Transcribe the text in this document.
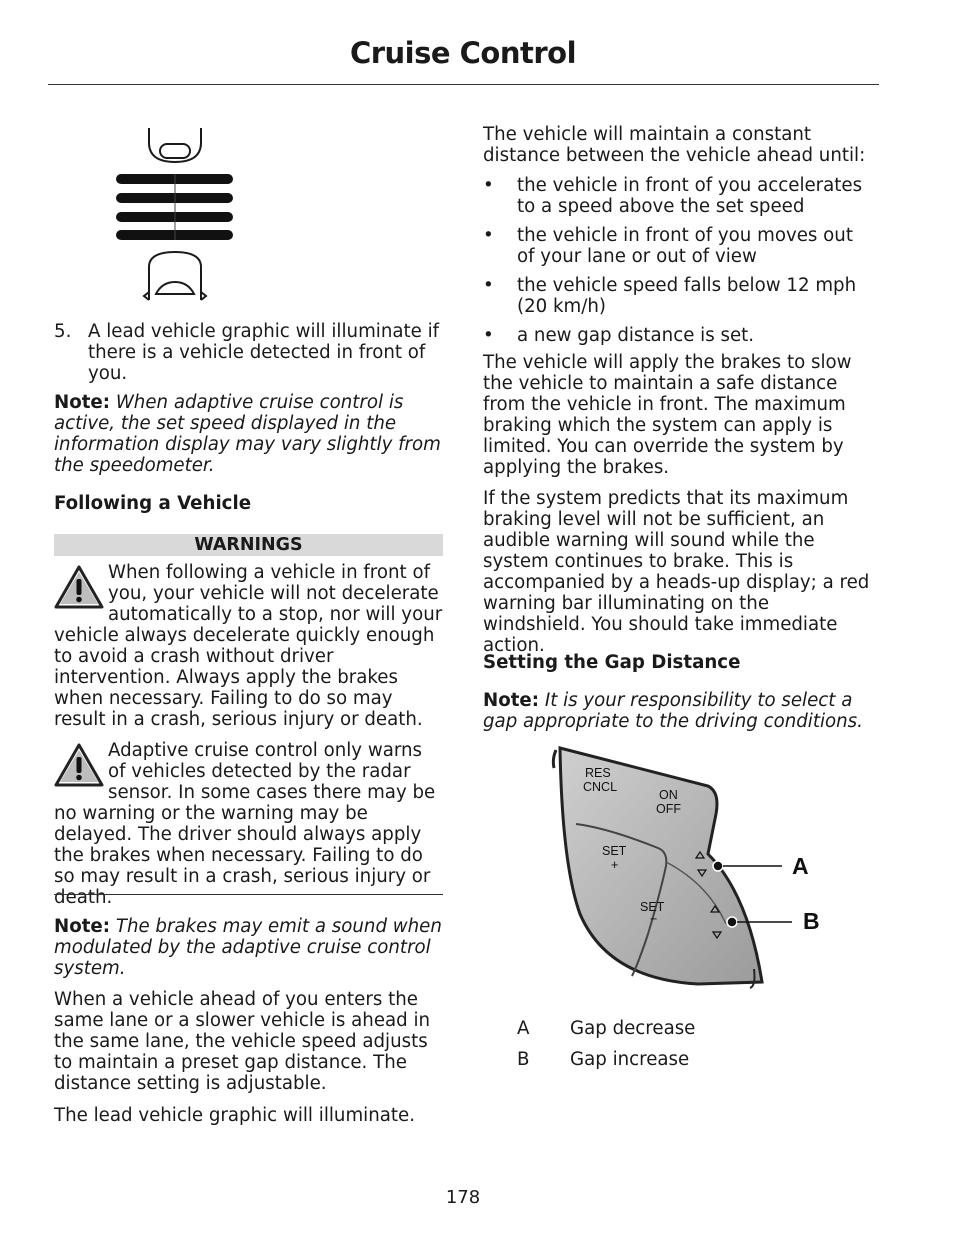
Cruise Control
5. A lead vehicle graphic will illuminate if there is a vehicle detected in front of you.
Note: When adaptive cruise control is active, the set speed displayed in the information display may vary slightly from the speedometer.
Following a Vehicle
WARNINGS
When following a vehicle in front of you, your vehicle will not decelerate automatically to a stop, nor will your vehicle always decelerate quickly enough to avoid a crash without driver intervention. Always apply the brakes when necessary. Failing to do so may result in a crash, serious injury or death.
Adaptive cruise control only warns of vehicles detected by the radar sensor. In some cases there may be no warning or the warning may be delayed. The driver should always apply the brakes when necessary. Failing to do so may result in a crash, serious injury or death.
Note: The brakes may emit a sound when modulated by the adaptive cruise control system.

When a vehicle ahead of you enters the same lane or a slower vehicle is ahead in the same lane, the vehicle speed adjusts to maintain a preset gap distance. The distance setting is adjustable.

The lead vehicle graphic will illuminate.

The vehicle will maintain a constant distance between the vehicle ahead until:

• the vehicle in front of you accelerates to a speed above the set speed
• the vehicle in front of you moves out of your lane or out of view
• the vehicle speed falls below 12 mph (20 km/h)
• a new gap distance is set.

The vehicle will apply the brakes to slow the vehicle to maintain a safe distance from the vehicle in front. The maximum braking which the system can apply is limited. You can override the system by applying the brakes.

If the system predicts that its maximum braking level will not be sufficient, an audible warning will sound while the system continues to brake. This is accompanied by a heads-up display; a red warning bar illuminating on the windshield. You should take immediate action.

Setting the Gap Distance
Note: It is your responsibility to select a gap appropriate to the driving conditions.
RES
CNCL
ON
OFF
SET
+
SET
−
A
B
A	Gap decrease
B	Gap increase
178
